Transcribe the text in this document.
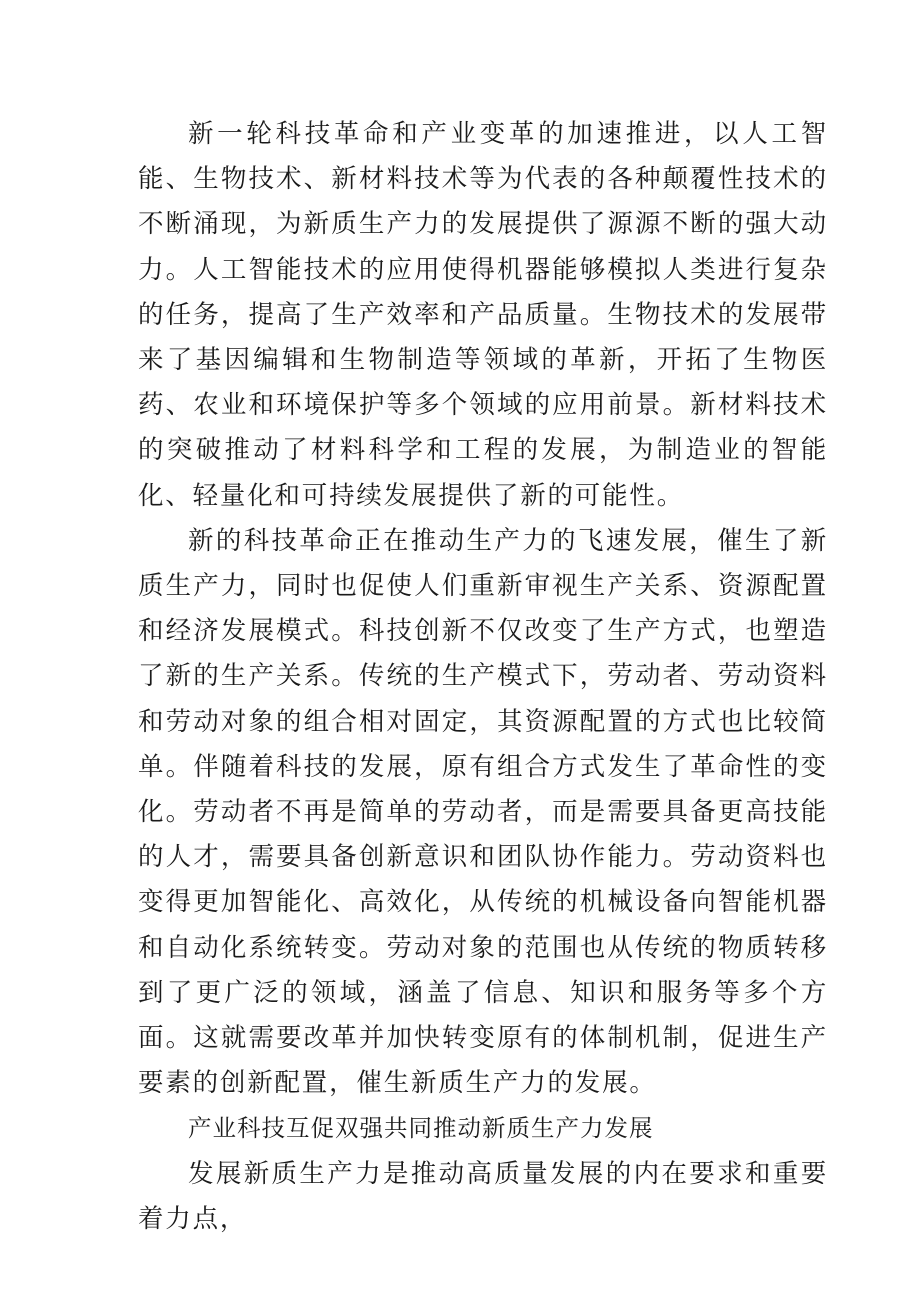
新一轮科技革命和产业变革的加速推进，以人工智能、生物技术、新材料技术等为代表的各种颠覆性技术的不断涌现，为新质生产力的发展提供了源源不断的强大动力。人工智能技术的应用使得机器能够模拟人类进行复杂的任务，提高了生产效率和产品质量。生物技术的发展带来了基因编辑和生物制造等领域的革新，开拓了生物医药、农业和环境保护等多个领域的应用前景。新材料技术的突破推动了材料科学和工程的发展，为制造业的智能化、轻量化和可持续发展提供了新的可能性。

新的科技革命正在推动生产力的飞速发展，催生了新质生产力，同时也促使人们重新审视生产关系、资源配置和经济发展模式。科技创新不仅改变了生产方式，也塑造了新的生产关系。传统的生产模式下，劳动者、劳动资料和劳动对象的组合相对固定，其资源配置的方式也比较简单。伴随着科技的发展，原有组合方式发生了革命性的变化。劳动者不再是简单的劳动者，而是需要具备更高技能的人才，需要具备创新意识和团队协作能力。劳动资料也变得更加智能化、高效化，从传统的机械设备向智能机器和自动化系统转变。劳动对象的范围也从传统的物质转移到了更广泛的领域，涵盖了信息、知识和服务等多个方面。这就需要改革并加快转变原有的体制机制，促进生产要素的创新配置，催生新质生产力的发展。

产业科技互促双强共同推动新质生产力发展

发展新质生产力是推动高质量发展的内在要求和重要着力点，
